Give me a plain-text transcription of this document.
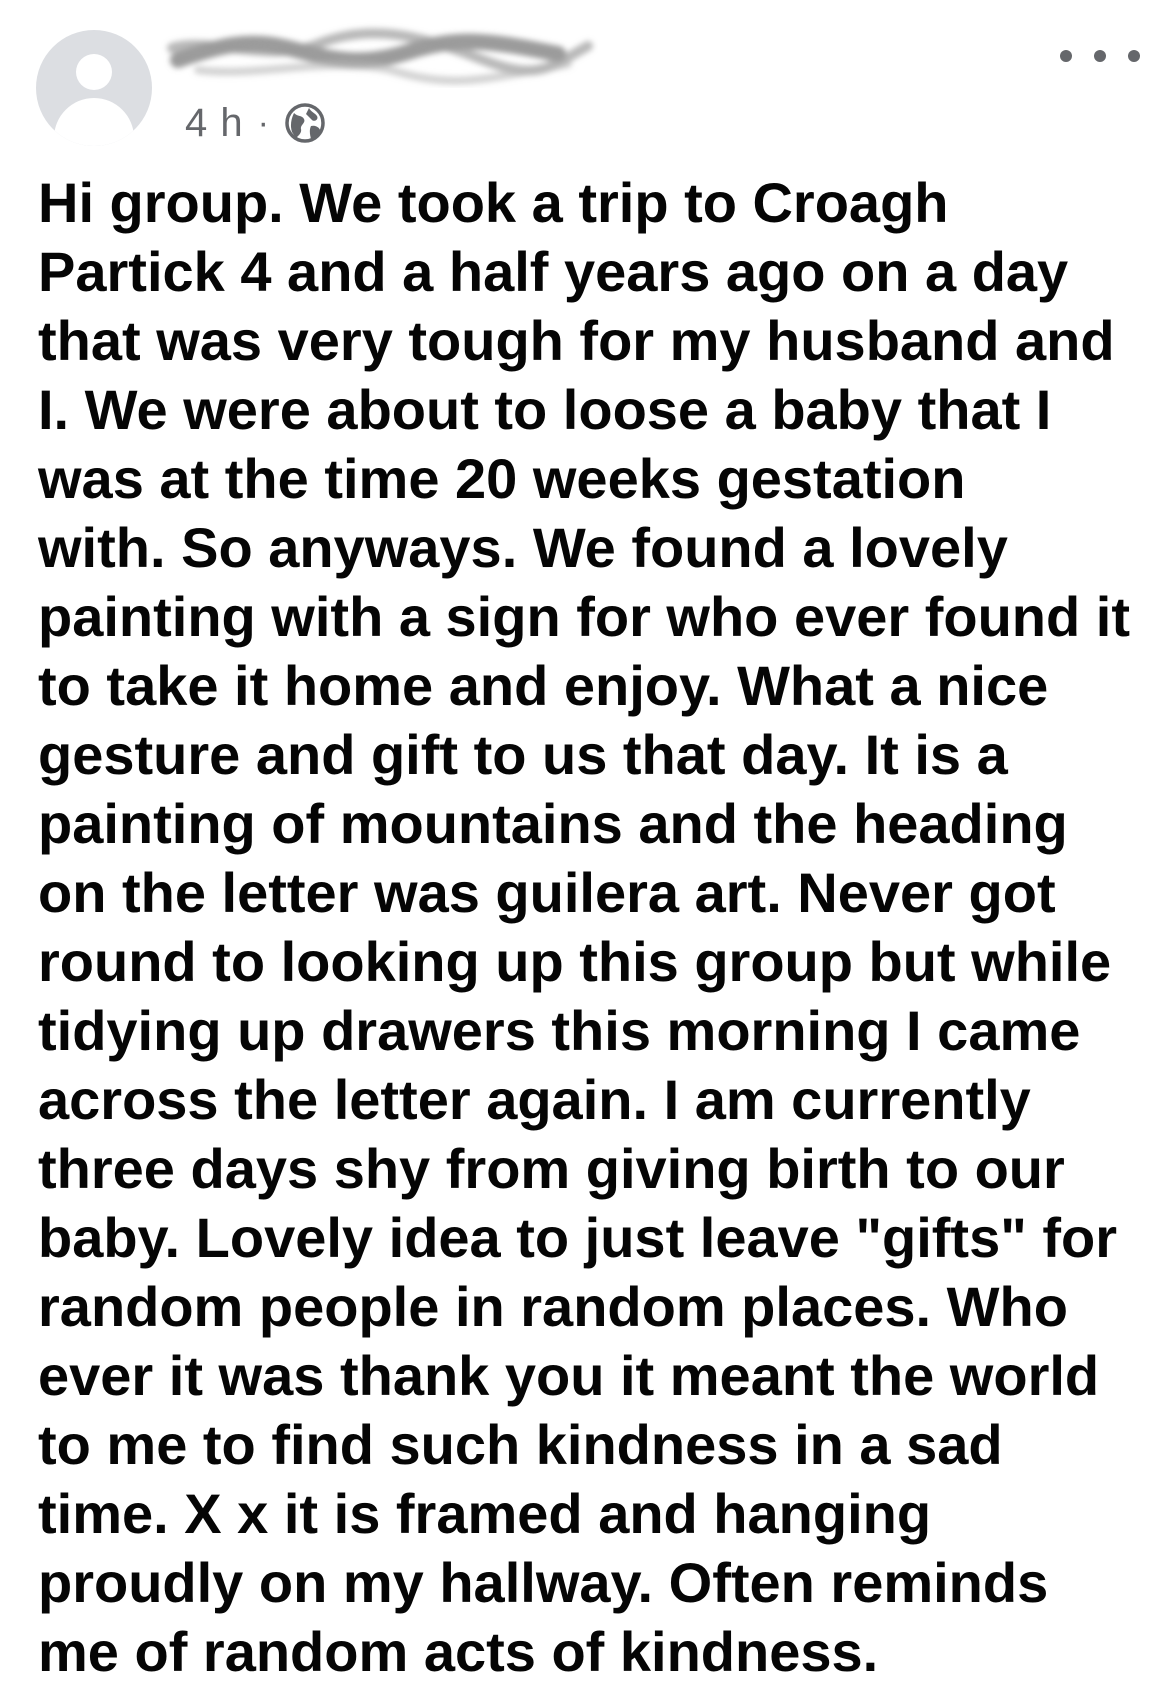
4 h ·
Hi group. We took a trip to Croagh
Partick 4 and a half years ago on a day
that was very tough for my husband and
I. We were about to loose a baby that I
was at the time 20 weeks gestation
with. So anyways. We found a lovely
painting with a sign for who ever found it
to take it home and enjoy. What a nice
gesture and gift to us that day. It is a
painting of mountains and the heading
on the letter was guilera art. Never got
round to looking up this group but while
tidying up drawers this morning I came
across the letter again. I am currently
three days shy from giving birth to our
baby. Lovely idea to just leave "gifts" for
random people in random places. Who
ever it was thank you it meant the world
to me to find such kindness in a sad
time. X x it is framed and hanging
proudly on my hallway. Often reminds
me of random acts of kindness.
